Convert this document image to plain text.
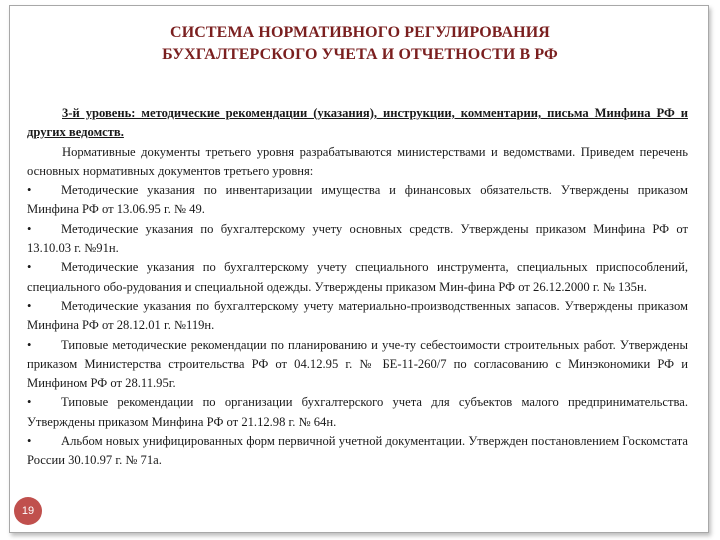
СИСТЕМА НОРМАТИВНОГО РЕГУЛИРОВАНИЯ
БУХГАЛТЕРСКОГО УЧЕТА И ОТЧЕТНОСТИ В РФ

3-й уровень: методические рекомендации (указания), инструкции, комментарии, письма Минфина РФ и других ведомств.

Нормативные документы третьего уровня разрабатываются министерствами и ведомствами. Приведем перечень основных нормативных документов третьего уровня:

• Методические указания по инвентаризации имущества и финансовых обязательств. Утверждены приказом Минфина РФ от 13.06.95 г. № 49.

• Методические указания по бухгалтерскому учету основных средств. Утверждены приказом Минфина РФ от 13.10.03 г. №91н.

• Методические указания по бухгалтерскому учету специального инструмента, специальных приспособлений, специального обо-рудования и специальной одежды. Утверждены приказом Мин-фина РФ от 26.12.2000 г. № 135н.

• Методические указания по бухгалтерскому учету материально-производственных запасов. Утверждены приказом Минфина РФ от 28.12.01 г. №119н.

• Типовые методические рекомендации по планированию и уче-ту себестоимости строительных работ. Утверждены приказом Министерства строительства РФ от 04.12.95 г. № БЕ-11-260/7 по согласованию с Минэкономики РФ и Минфином РФ от 28.11.95г.

• Типовые рекомендации по организации бухгалтерского учета для субъектов малого предпринимательства. Утверждены приказом Минфина РФ от 21.12.98 г. № 64н.

• Альбом новых унифицированных форм первичной учетной документации. Утвержден постановлением Госкомстата России 30.10.97 г. № 71а.

19
